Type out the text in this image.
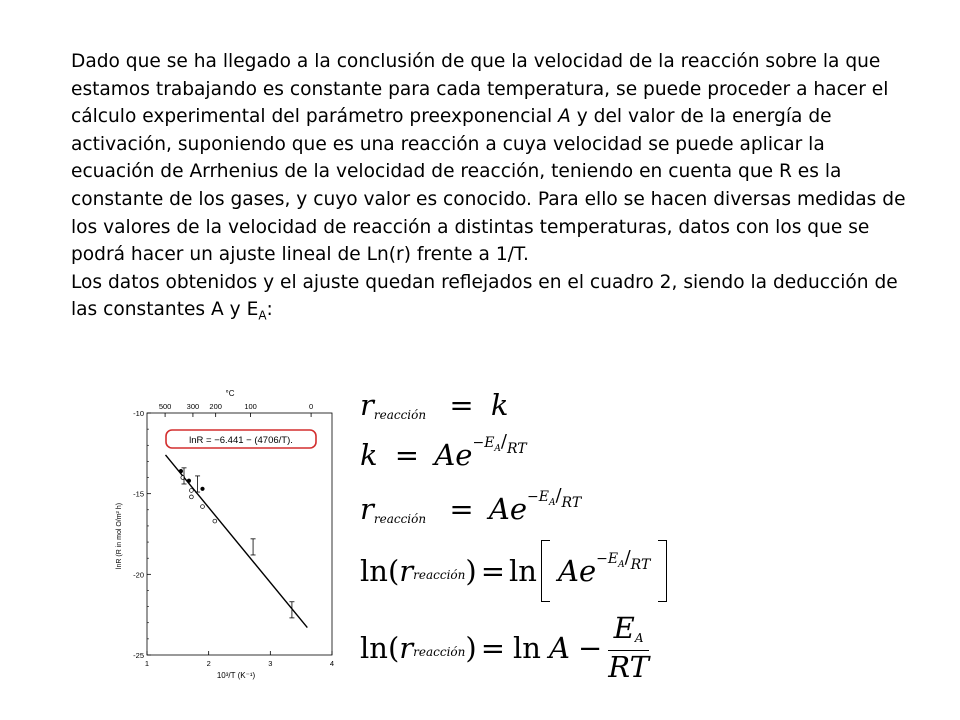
Dado que se ha llegado a la conclusión de que la velocidad de la reacción sobre la que estamos trabajando es constante para cada temperatura, se puede proceder a hacer el cálculo experimental del parámetro preexponencial A y del valor de la energía de activación, suponiendo que es una reacción a cuya velocidad se puede aplicar la ecuación de Arrhenius de la velocidad de reacción, teniendo en cuenta que R es la constante de los gases, y cuyo valor es conocido. Para ello se hacen diversas medidas de los valores de la velocidad de reacción a distintas temperaturas, datos con los que se podrá hacer un ajuste lineal de Ln(r) frente a 1/T.

Los datos obtenidos y el ajuste quedan reflejados en el cuadro 2, siendo la deducción de las constantes A y $E_A$:

°C
500 300 200	100	0
-10
-15
-20
-25
1	2	3	4
lnR (R in mol O/m² h)
10³/T (K⁻¹)
lnR = −6.441 − (4706/T).
rreacción = k
$k = Ae^{-EA/RT}$
rreacción = $Ae^{-EA/RT}$
ln ( r reacción ) = $\ln Ae^{-EA/RT}$
ln ( r reacción ) = $\ln A - \frac{EA}{RT}$
